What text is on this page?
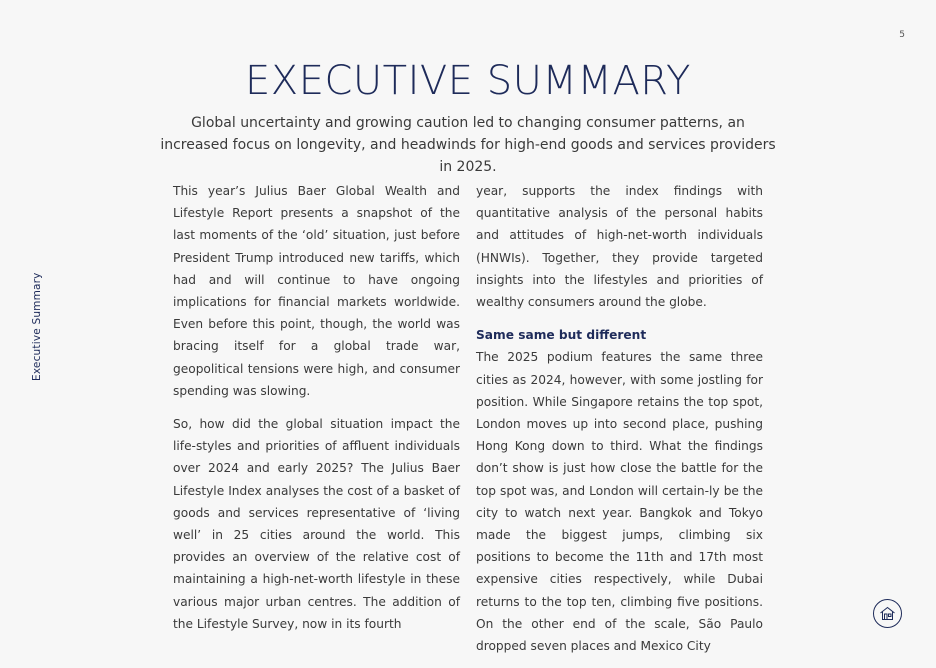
5
Executive Summary
EXECUTIVE SUMMARY
Global uncertainty and growing caution led to changing consumer patterns, an increased focus on longevity, and headwinds for high-end goods and services providers in 2025.

This year’s Julius Baer Global Wealth and Lifestyle Report presents a snapshot of the last moments of the ‘old’ situation, just before President Trump introduced new tariffs, which had and will continue to have ongoing implications for financial markets worldwide. Even before this point, though, the world was bracing itself for a global trade war, geopolitical tensions were high, and consumer spending was slowing.

So, how did the global situation impact the life-styles and priorities of affluent individuals over 2024 and early 2025? The Julius Baer Lifestyle Index analyses the cost of a basket of goods and services representative of ‘living well’ in 25 cities around the world. This provides an overview of the relative cost of maintaining a high-net-worth lifestyle in these various major urban centres. The addition of the Lifestyle Survey, now in its fourth

year, supports the index findings with quantitative analysis of the personal habits and attitudes of high-net-worth individuals (HNWIs). Together, they provide targeted insights into the lifestyles and priorities of wealthy consumers around the globe.

Same same but different

The 2025 podium features the same three cities as 2024, however, with some jostling for position. While Singapore retains the top spot, London moves up into second place, pushing Hong Kong down to third. What the findings don’t show is just how close the battle for the top spot was, and London will certain-ly be the city to watch next year. Bangkok and Tokyo made the biggest jumps, climbing six positions to become the 11th and 17th most expensive cities respectively, while Dubai returns to the top ten, climbing five positions. On the other end of the scale, São Paulo dropped seven places and Mexico City
